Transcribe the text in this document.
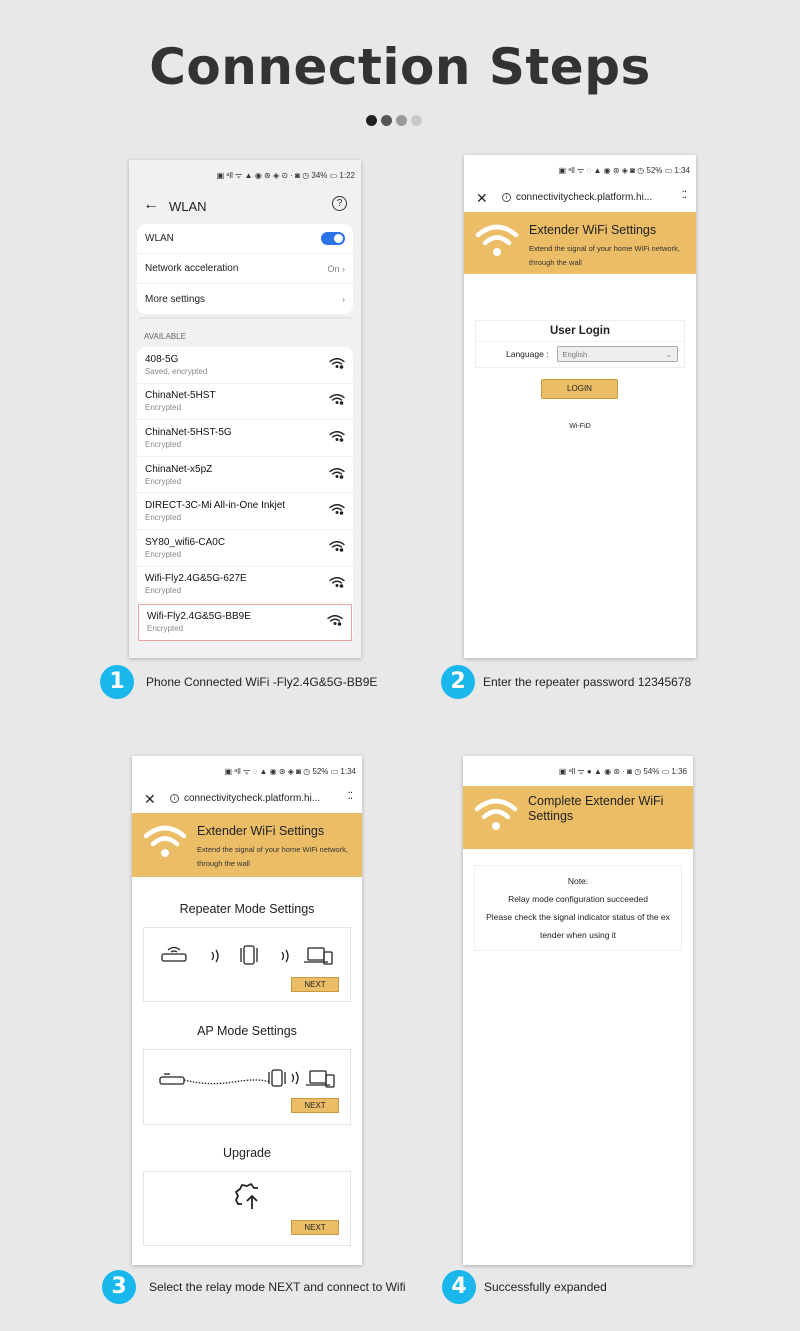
Connection Steps
▣ ᵃll ᯤ ▲ ◉ ⊛ ◈ ⊙ · ◙ ◷ 34% ▭ 1:22
← WLAN	?
WLAN
Network acceleration	On ›
More settings	›
AVAILABLE
408-5G
Saved, encrypted
ChinaNet-5HST
Encrypted
ChinaNet-5HST-5G
Encrypted
ChinaNet-x5pZ
Encrypted
DIRECT-3C-Mi All-in-One Inkjet
Encrypted
SY80_wifi6-CA0C
Encrypted
Wifi-Fly2.4G&5G-627E
Encrypted
Wifi-Fly2.4G&5G-BB9E
Encrypted
▣ ᵃll ᯤ ◌ ▲ ◉ ⊛ ◈ ◙ ◷ 52% ▭ 1:34
✕	i connectivitycheck.platform.hi...	⁚⁚
Extender WiFi Settings
Extend the signal of your home WiFi network, through the wall
User Login
Language : English	⌄
LOGIN
Wi-FiD
▣ ᵃll ᯤ ◌ ▲ ◉ ⊛ ◈ ◙ ◷ 52% ▭ 1:34
✕	i connectivitycheck.platform.hi...	⁚⁚
Extender WiFi Settings
Extend the signal of your home WiFi network, through the wall
Repeater Mode Settings
NEXT
AP Mode Settings
NEXT
Upgrade
NEXT
▣ ᵃll ᯤ ● ▲ ◉ ⊛ · ◙ ◷ 54% ▭ 1:36
Complete Extender WiFi Settings
Note:
Relay mode configuration succeeded
Please check the signal indicator status of the ex
tender when using it
1	Phone Connected WiFi -Fly2.4G&5G-BB9E	2	Enter the repeater password 12345678
3	Select the relay mode NEXT and connect to Wifi	4	Successfully expanded
